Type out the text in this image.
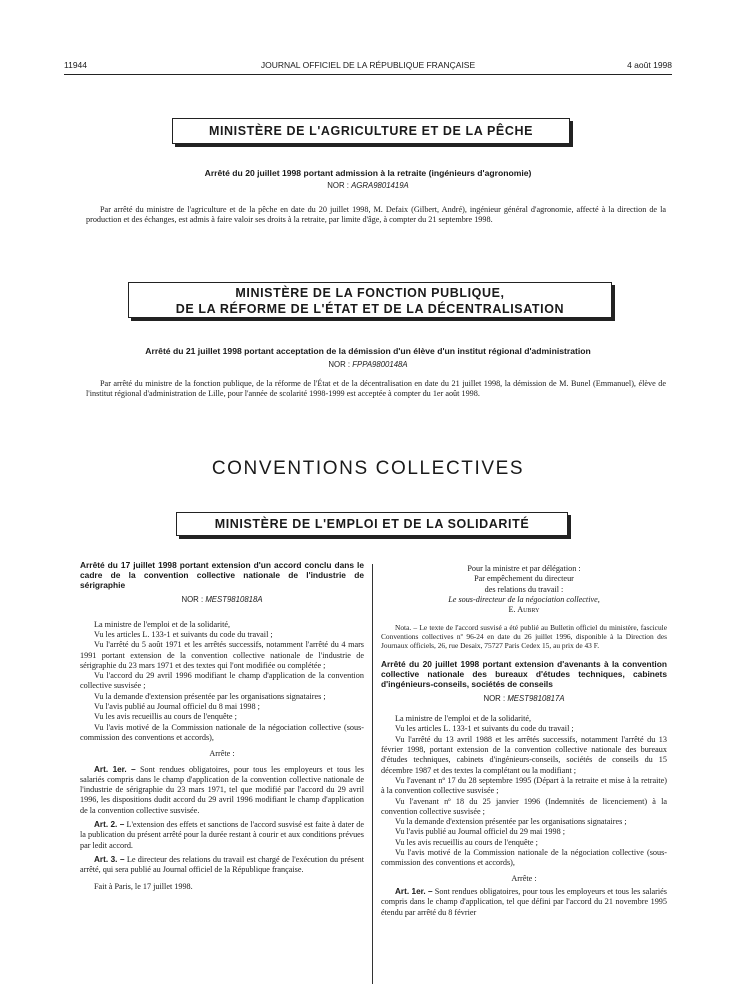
11944	JOURNAL OFFICIEL DE LA RÉPUBLIQUE FRANÇAISE	4 août 1998
MINISTÈRE DE L'AGRICULTURE ET DE LA PÊCHE
Arrêté du 20 juillet 1998 portant admission à la retraite (ingénieurs d'agronomie)
NOR : AGRA9801419A

Par arrêté du ministre de l'agriculture et de la pêche en date du 20 juillet 1998, M. Defaix (Gilbert, André), ingénieur général d'agronomie, affecté à la direction de la production et des échanges, est admis à faire valoir ses droits à la retraite, par limite d'âge, à compter du 21 septembre 1998.

MINISTÈRE DE LA FONCTION PUBLIQUE,
DE LA RÉFORME DE L'ÉTAT ET DE LA DÉCENTRALISATION
Arrêté du 21 juillet 1998 portant acceptation de la démission d'un élève d'un institut régional d'administration
NOR : FPPA9800148A

Par arrêté du ministre de la fonction publique, de la réforme de l'État et de la décentralisation en date du 21 juillet 1998, la démission de M. Bunel (Emmanuel), élève de l'institut régional d'administration de Lille, pour l'année de scolarité 1998-1999 est acceptée à compter du 1er août 1998.

CONVENTIONS COLLECTIVES
MINISTÈRE DE L'EMPLOI ET DE LA SOLIDARITÉ

Arrêté du 17 juillet 1998 portant extension d'un accord conclu dans le cadre de la convention collective nationale de l'industrie de sérigraphie

NOR : MEST9810818A

La ministre de l'emploi et de la solidarité,

Vu les articles L. 133-1 et suivants du code du travail ;

Vu l'arrêté du 5 août 1971 et les arrêtés successifs, notamment l'arrêté du 4 mars 1991 portant extension de la convention collective nationale de l'industrie de sérigraphie du 23 mars 1971 et des textes qui l'ont modifiée ou complétée ;

Vu l'accord du 29 avril 1996 modifiant le champ d'application de la convention collective susvisée ;

Vu la demande d'extension présentée par les organisations signataires ;

Vu l'avis publié au Journal officiel du 8 mai 1998 ;

Vu les avis recueillis au cours de l'enquête ;

Vu l'avis motivé de la Commission nationale de la négociation collective (sous-commission des conventions et accords),

Arrête :

Art. 1er. – Sont rendues obligatoires, pour tous les employeurs et tous les salariés compris dans le champ d'application de la convention collective nationale de l'industrie de sérigraphie du 23 mars 1971, tel que modifié par l'accord du 29 avril 1996, les dispositions dudit accord du 29 avril 1996 modifiant le champ d'application de la convention collective susvisée.

Art. 2. – L'extension des effets et sanctions de l'accord susvisé est faite à dater de la publication du présent arrêté pour la durée restant à courir et aux conditions prévues par ledit accord.

Art. 3. – Le directeur des relations du travail est chargé de l'exécution du présent arrêté, qui sera publié au Journal officiel de la République française.

Fait à Paris, le 17 juillet 1998.

Pour la ministre et par délégation :

Par empêchement du directeur

des relations du travail :

Le sous-directeur de la négociation collective,

E. Aubry

Nota. – Le texte de l'accord susvisé a été publié au Bulletin officiel du ministère, fascicule Conventions collectives nº 96-24 en date du 26 juillet 1996, disponible à la Direction des Journaux officiels, 26, rue Desaix, 75727 Paris Cedex 15, au prix de 43 F.

Arrêté du 20 juillet 1998 portant extension d'avenants à la convention collective nationale des bureaux d'études techniques, cabinets d'ingénieurs-conseils, sociétés de conseils

NOR : MEST9810817A

La ministre de l'emploi et de la solidarité,

Vu les articles L. 133-1 et suivants du code du travail ;

Vu l'arrêté du 13 avril 1988 et les arrêtés successifs, notamment l'arrêté du 13 février 1998, portant extension de la convention collective nationale des bureaux d'études techniques, cabinets d'ingénieurs-conseils, sociétés de conseils du 15 décembre 1987 et des textes la complétant ou la modifiant ;

Vu l'avenant nº 17 du 28 septembre 1995 (Départ à la retraite et mise à la retraite) à la convention collective susvisée ;

Vu l'avenant nº 18 du 25 janvier 1996 (Indemnités de licenciement) à la convention collective susvisée ;

Vu la demande d'extension présentée par les organisations signataires ;

Vu l'avis publié au Journal officiel du 29 mai 1998 ;

Vu les avis recueillis au cours de l'enquête ;

Vu l'avis motivé de la Commission nationale de la négociation collective (sous-commission des conventions et accords),

Arrête :

Art. 1er. – Sont rendues obligatoires, pour tous les employeurs et tous les salariés compris dans le champ d'application, tel que défini par l'accord du 21 novembre 1995 étendu par arrêté du 8 février
